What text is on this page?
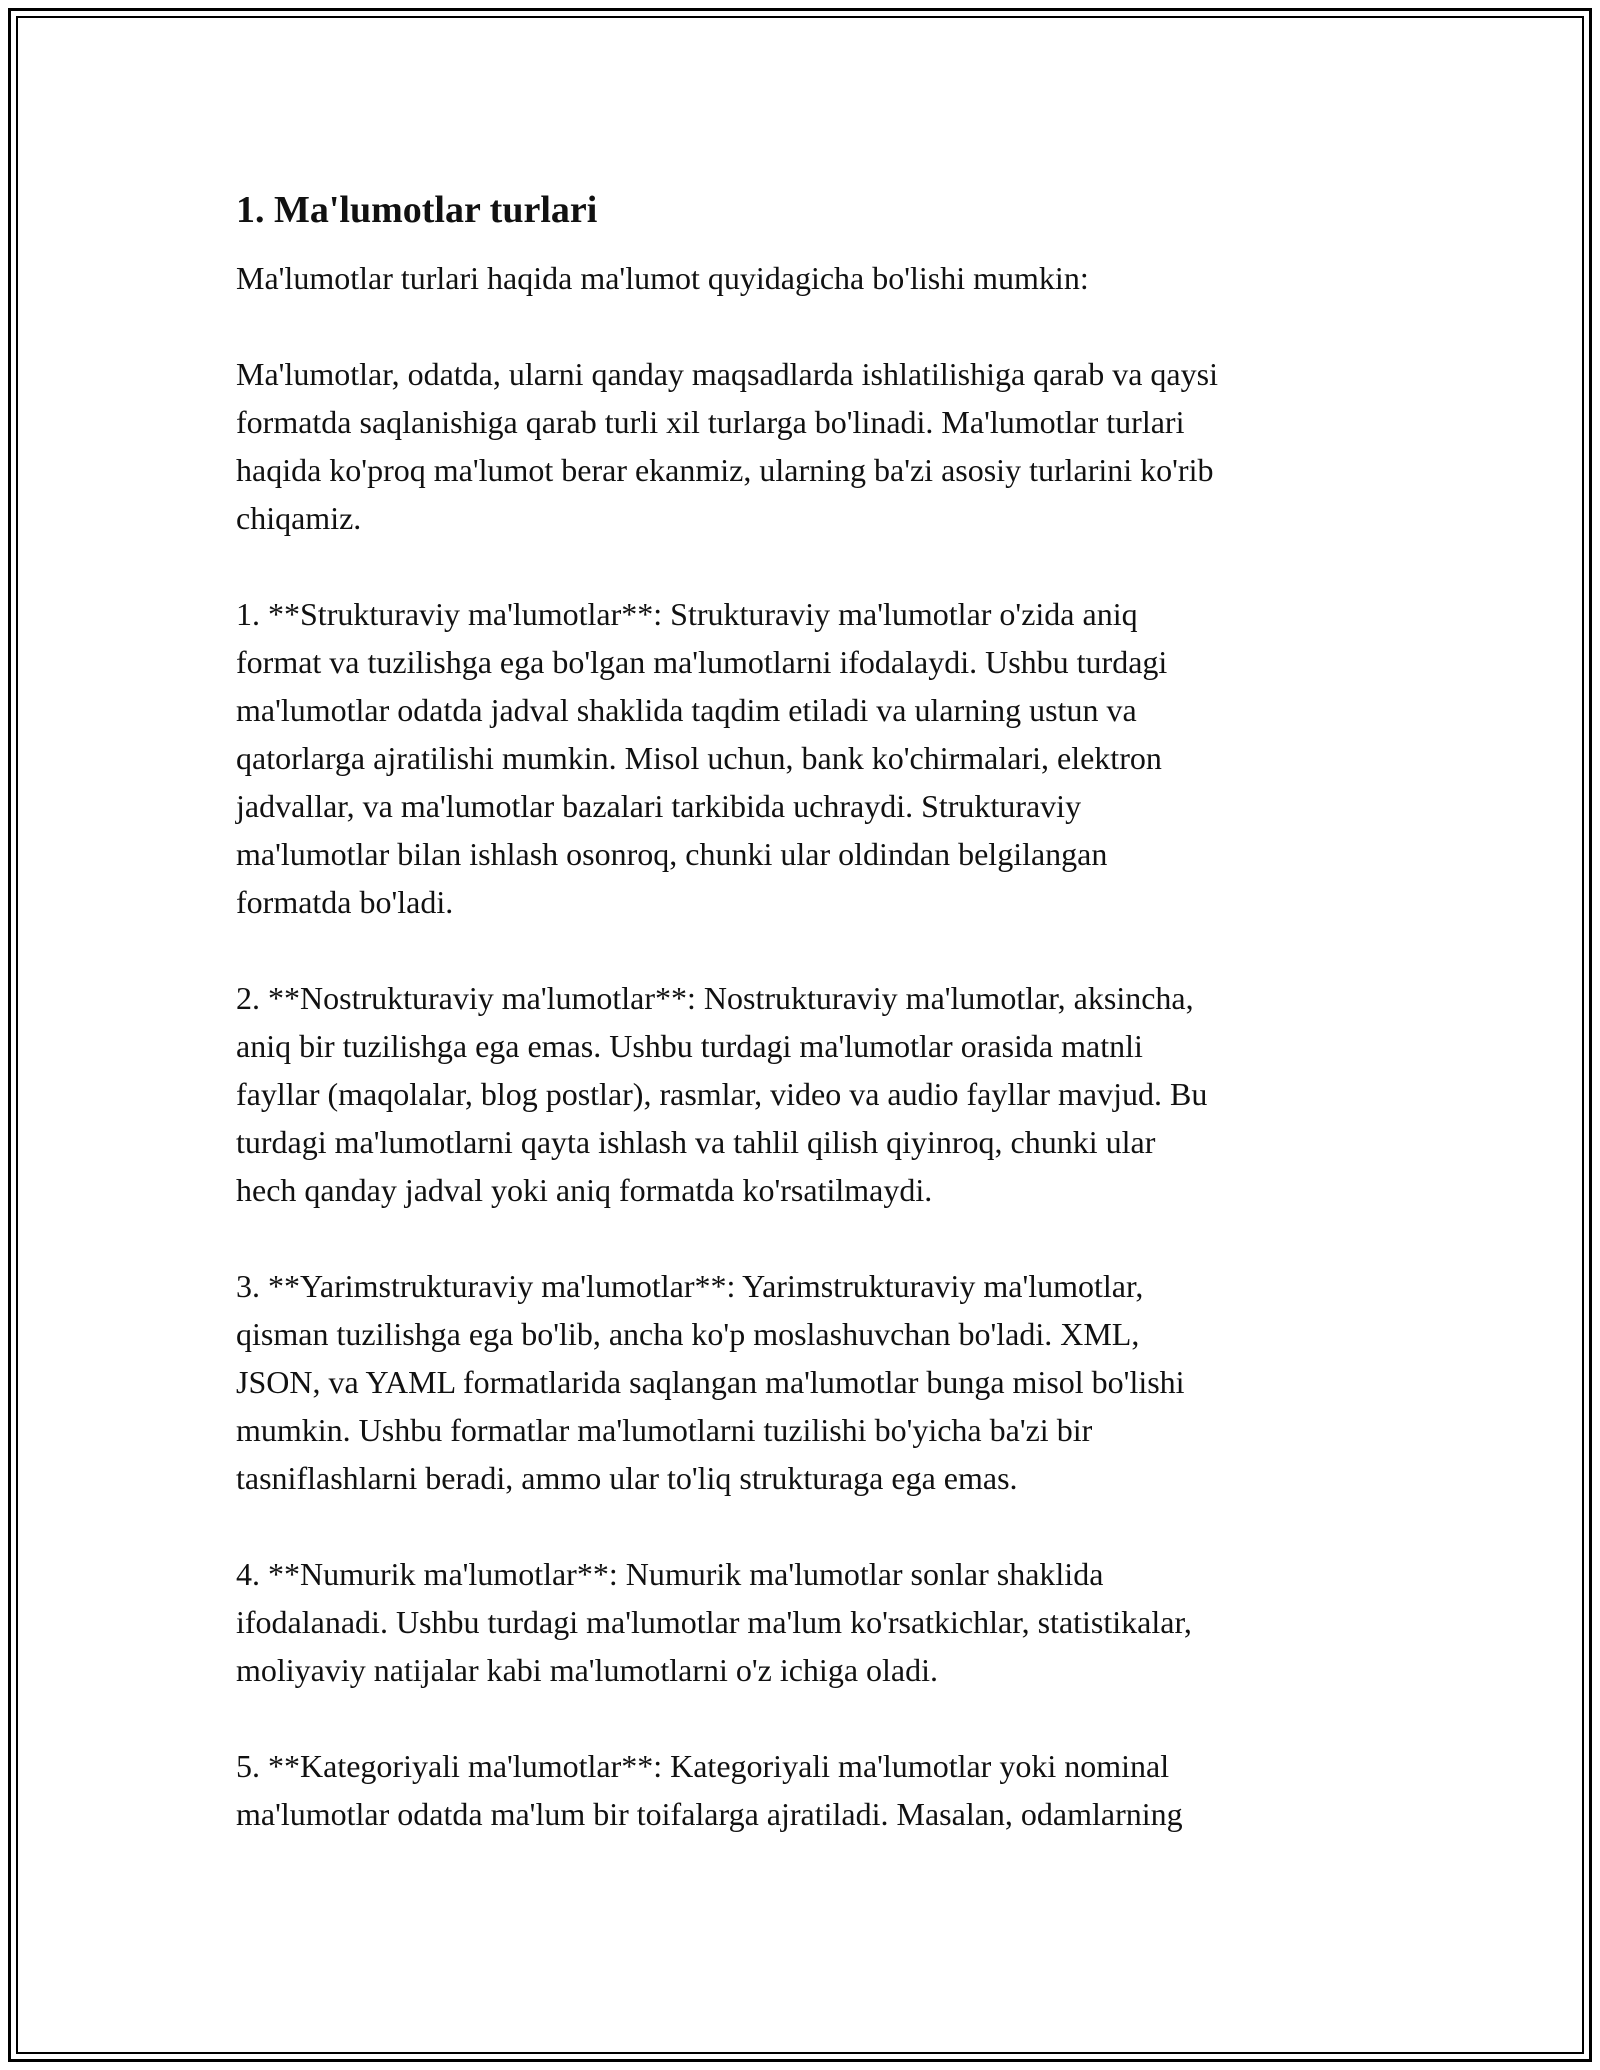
1. Ma'lumotlar turlari

Ma'lumotlar turlari haqida ma'lumot quyidagicha bo'lishi mumkin:

Ma'lumotlar, odatda, ularni qanday maqsadlarda ishlatilishiga qarab va qaysi
formatda saqlanishiga qarab turli xil turlarga bo'linadi. Ma'lumotlar turlari
haqida ko'proq ma'lumot berar ekanmiz, ularning ba'zi asosiy turlarini ko'rib
chiqamiz.

1. **Strukturaviy ma'lumotlar**: Strukturaviy ma'lumotlar o'zida aniq
format va tuzilishga ega bo'lgan ma'lumotlarni ifodalaydi. Ushbu turdagi
ma'lumotlar odatda jadval shaklida taqdim etiladi va ularning ustun va
qatorlarga ajratilishi mumkin. Misol uchun, bank ko'chirmalari, elektron
jadvallar, va ma'lumotlar bazalari tarkibida uchraydi. Strukturaviy
ma'lumotlar bilan ishlash osonroq, chunki ular oldindan belgilangan
formatda bo'ladi.

2. **Nostrukturaviy ma'lumotlar**: Nostrukturaviy ma'lumotlar, aksincha,
aniq bir tuzilishga ega emas. Ushbu turdagi ma'lumotlar orasida matnli
fayllar (maqolalar, blog postlar), rasmlar, video va audio fayllar mavjud. Bu
turdagi ma'lumotlarni qayta ishlash va tahlil qilish qiyinroq, chunki ular
hech qanday jadval yoki aniq formatda ko'rsatilmaydi.

3. **Yarimstrukturaviy ma'lumotlar**: Yarimstrukturaviy ma'lumotlar,
qisman tuzilishga ega bo'lib, ancha ko'p moslashuvchan bo'ladi. XML,
JSON, va YAML formatlarida saqlangan ma'lumotlar bunga misol bo'lishi
mumkin. Ushbu formatlar ma'lumotlarni tuzilishi bo'yicha ba'zi bir
tasniflashlarni beradi, ammo ular to'liq strukturaga ega emas.

4. **Numurik ma'lumotlar**: Numurik ma'lumotlar sonlar shaklida
ifodalanadi. Ushbu turdagi ma'lumotlar ma'lum ko'rsatkichlar, statistikalar,
moliyaviy natijalar kabi ma'lumotlarni o'z ichiga oladi.

5. **Kategoriyali ma'lumotlar**: Kategoriyali ma'lumotlar yoki nominal
ma'lumotlar odatda ma'lum bir toifalarga ajratiladi. Masalan, odamlarning
